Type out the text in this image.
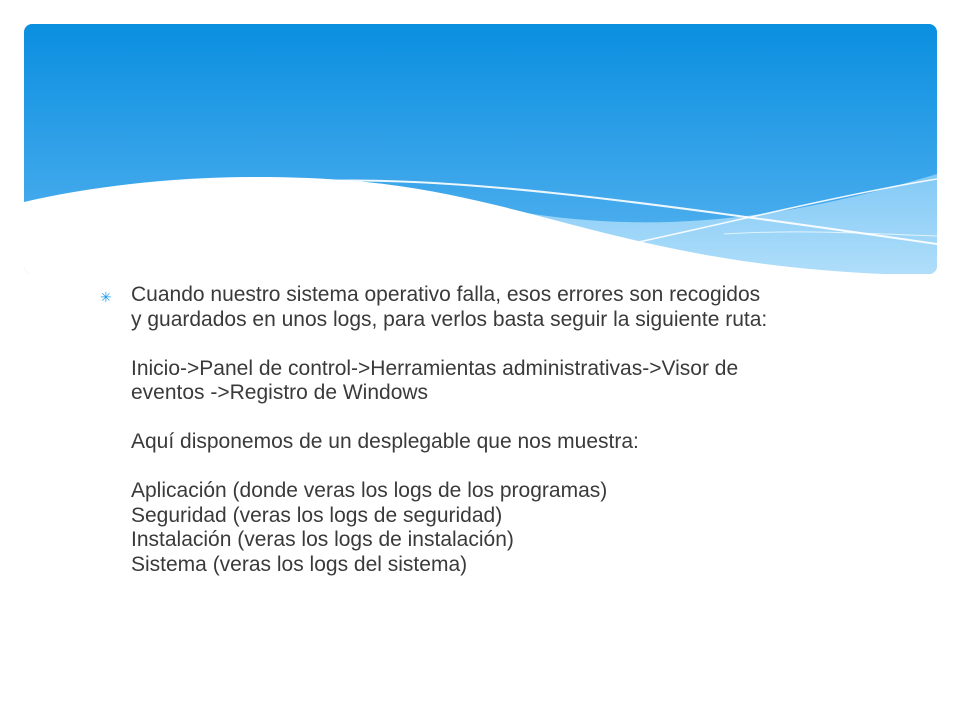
✳ Cuando nuestro sistema operativo falla, esos errores son recogidos
y guardados en unos logs, para verlos basta seguir la siguiente ruta:
Inicio->Panel de control->Herramientas administrativas->Visor de
eventos ->Registro de Windows
Aquí disponemos de un desplegable que nos muestra:
Aplicación (donde veras los logs de los programas)
Seguridad (veras los logs de seguridad)
Instalación (veras los logs de instalación)
Sistema (veras los logs del sistema)
